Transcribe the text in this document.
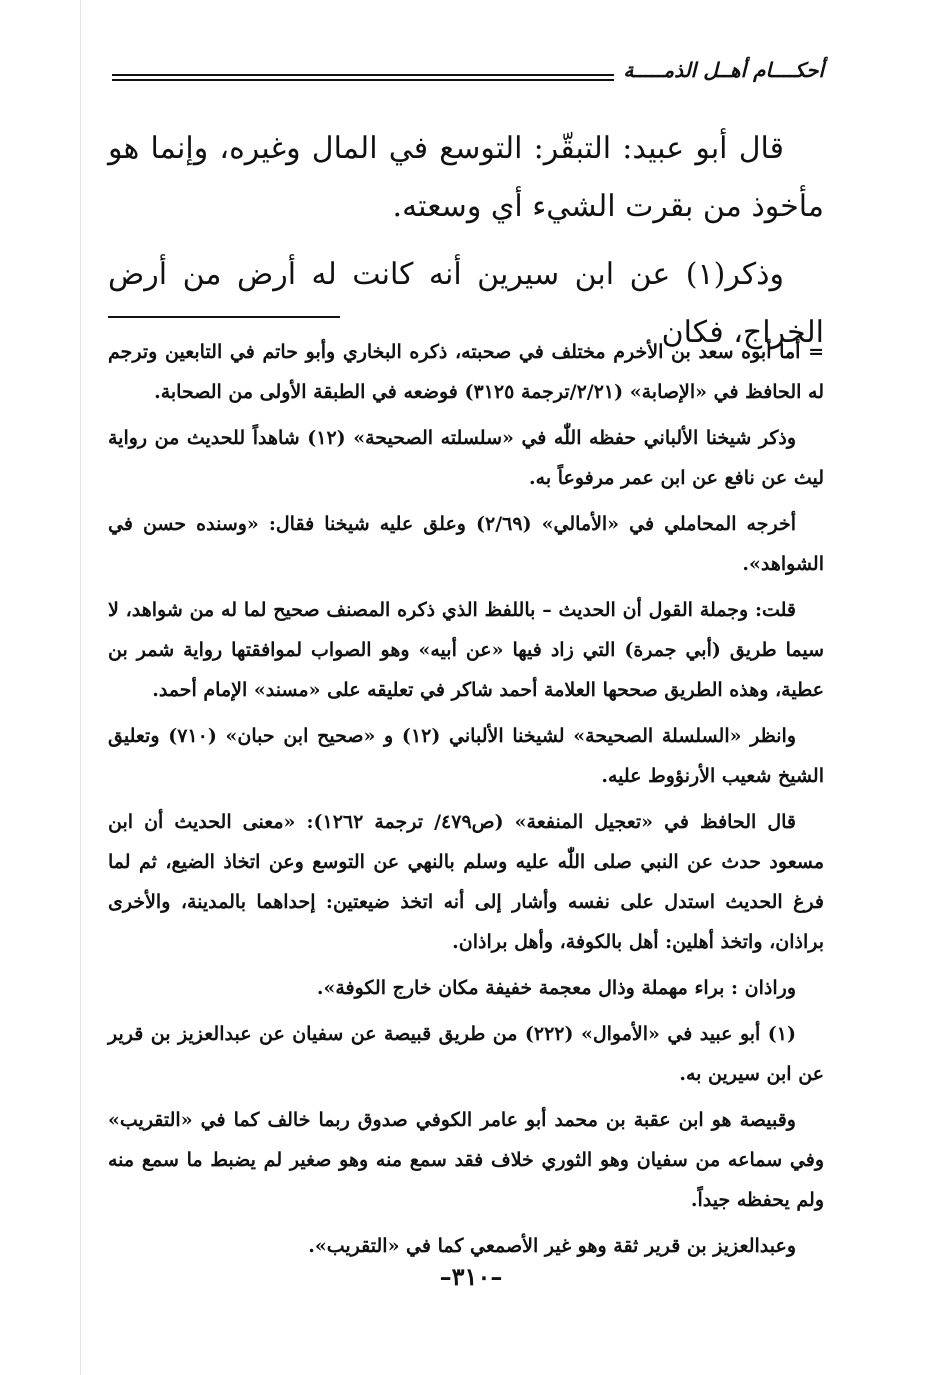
أحكــــام أهــل الذمـــــة

قال أبو عبيد: التبقّر: التوسع في المال وغيره، وإنما هو مأخوذ من بقرت الشيء أي وسعته.

وذكر(١) عن ابن سيرين أنه كانت له أرض من أرض الخراج، فكان

= أما أبوه سعد بن الأخرم مختلف في صحبته، ذكره البخاري وأبو حاتم في التابعين وترجم له الحافظ في «الإصابة» (٢/٢١/ترجمة ٣١٢٥) فوضعه في الطبقة الأولى من الصحابة.

وذكر شيخنا الألباني حفظه اللّٰه في «سلسلته الصحيحة» (١٢) شاهداً للحديث من رواية ليث عن نافع عن ابن عمر مرفوعاً به.

أخرجه المحاملي في «الأمالي» (٢/٦٩) وعلق عليه شيخنا فقال: «وسنده حسن في الشواهد».

قلت: وجملة القول أن الحديث – باللفظ الذي ذكره المصنف صحيح لما له من شواهد، لا سيما طريق (أبي جمرة) التي زاد فيها «عن أبيه» وهو الصواب لموافقتها رواية شمر بن عطية، وهذه الطريق صححها العلامة أحمد شاكر في تعليقه على «مسند» الإمام أحمد.

وانظر «السلسلة الصحيحة» لشيخنا الألباني (١٢) و «صحيح ابن حبان» (٧١٠) وتعليق الشيخ شعيب الأرنؤوط عليه.

قال الحافظ في «تعجيل المنفعة» (ص٤٧٩/ ترجمة ١٢٦٢): «معنى الحديث أن ابن مسعود حدث عن النبي صلى اللّٰه عليه وسلم بالنهي عن التوسع وعن اتخاذ الضيع، ثم لما فرغ الحديث استدل على نفسه وأشار إلى أنه اتخذ ضيعتين: إحداهما بالمدينة، والأخرى براذان، واتخذ أهلين: أهل بالكوفة، وأهل براذان.

وراذان : براء مهملة وذال معجمة خفيفة مكان خارج الكوفة».

(١) أبو عبيد في «الأموال» (٢٢٢) من طريق قبيصة عن سفيان عن عبدالعزيز بن قرير عن ابن سيرين به.

وقبيصة هو ابن عقبة بن محمد أبو عامر الكوفي صدوق ربما خالف كما في «التقريب» وفي سماعه من سفيان وهو الثوري خلاف فقد سمع منه وهو صغير لم يضبط ما سمع منه ولم يحفظه جيداً.

وعبدالعزيز بن قرير ثقة وهو غير الأصمعي كما في «التقريب».

–٣١٠–
